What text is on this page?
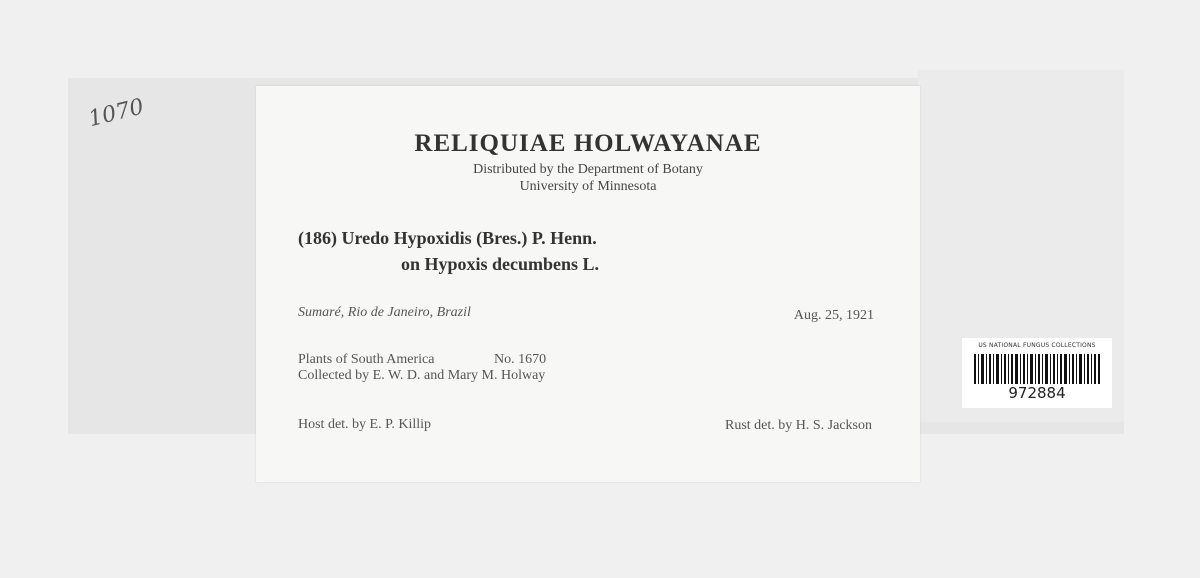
1070
RELIQUIAE HOLWAYANAE
Distributed by the Department of Botany
University of Minnesota
(186) Uredo Hypoxidis (Bres.) P. Henn.
on Hypoxis decumbens L.
Sumaré, Rio de Janeiro, Brazil	Aug. 25, 1921
Plants of South America	No. 1670
Collected by E. W. D. and Mary M. Holway
Host det. by E. P. Killip	Rust det. by H. S. Jackson
US NATIONAL FUNGUS COLLECTIONS
972884
